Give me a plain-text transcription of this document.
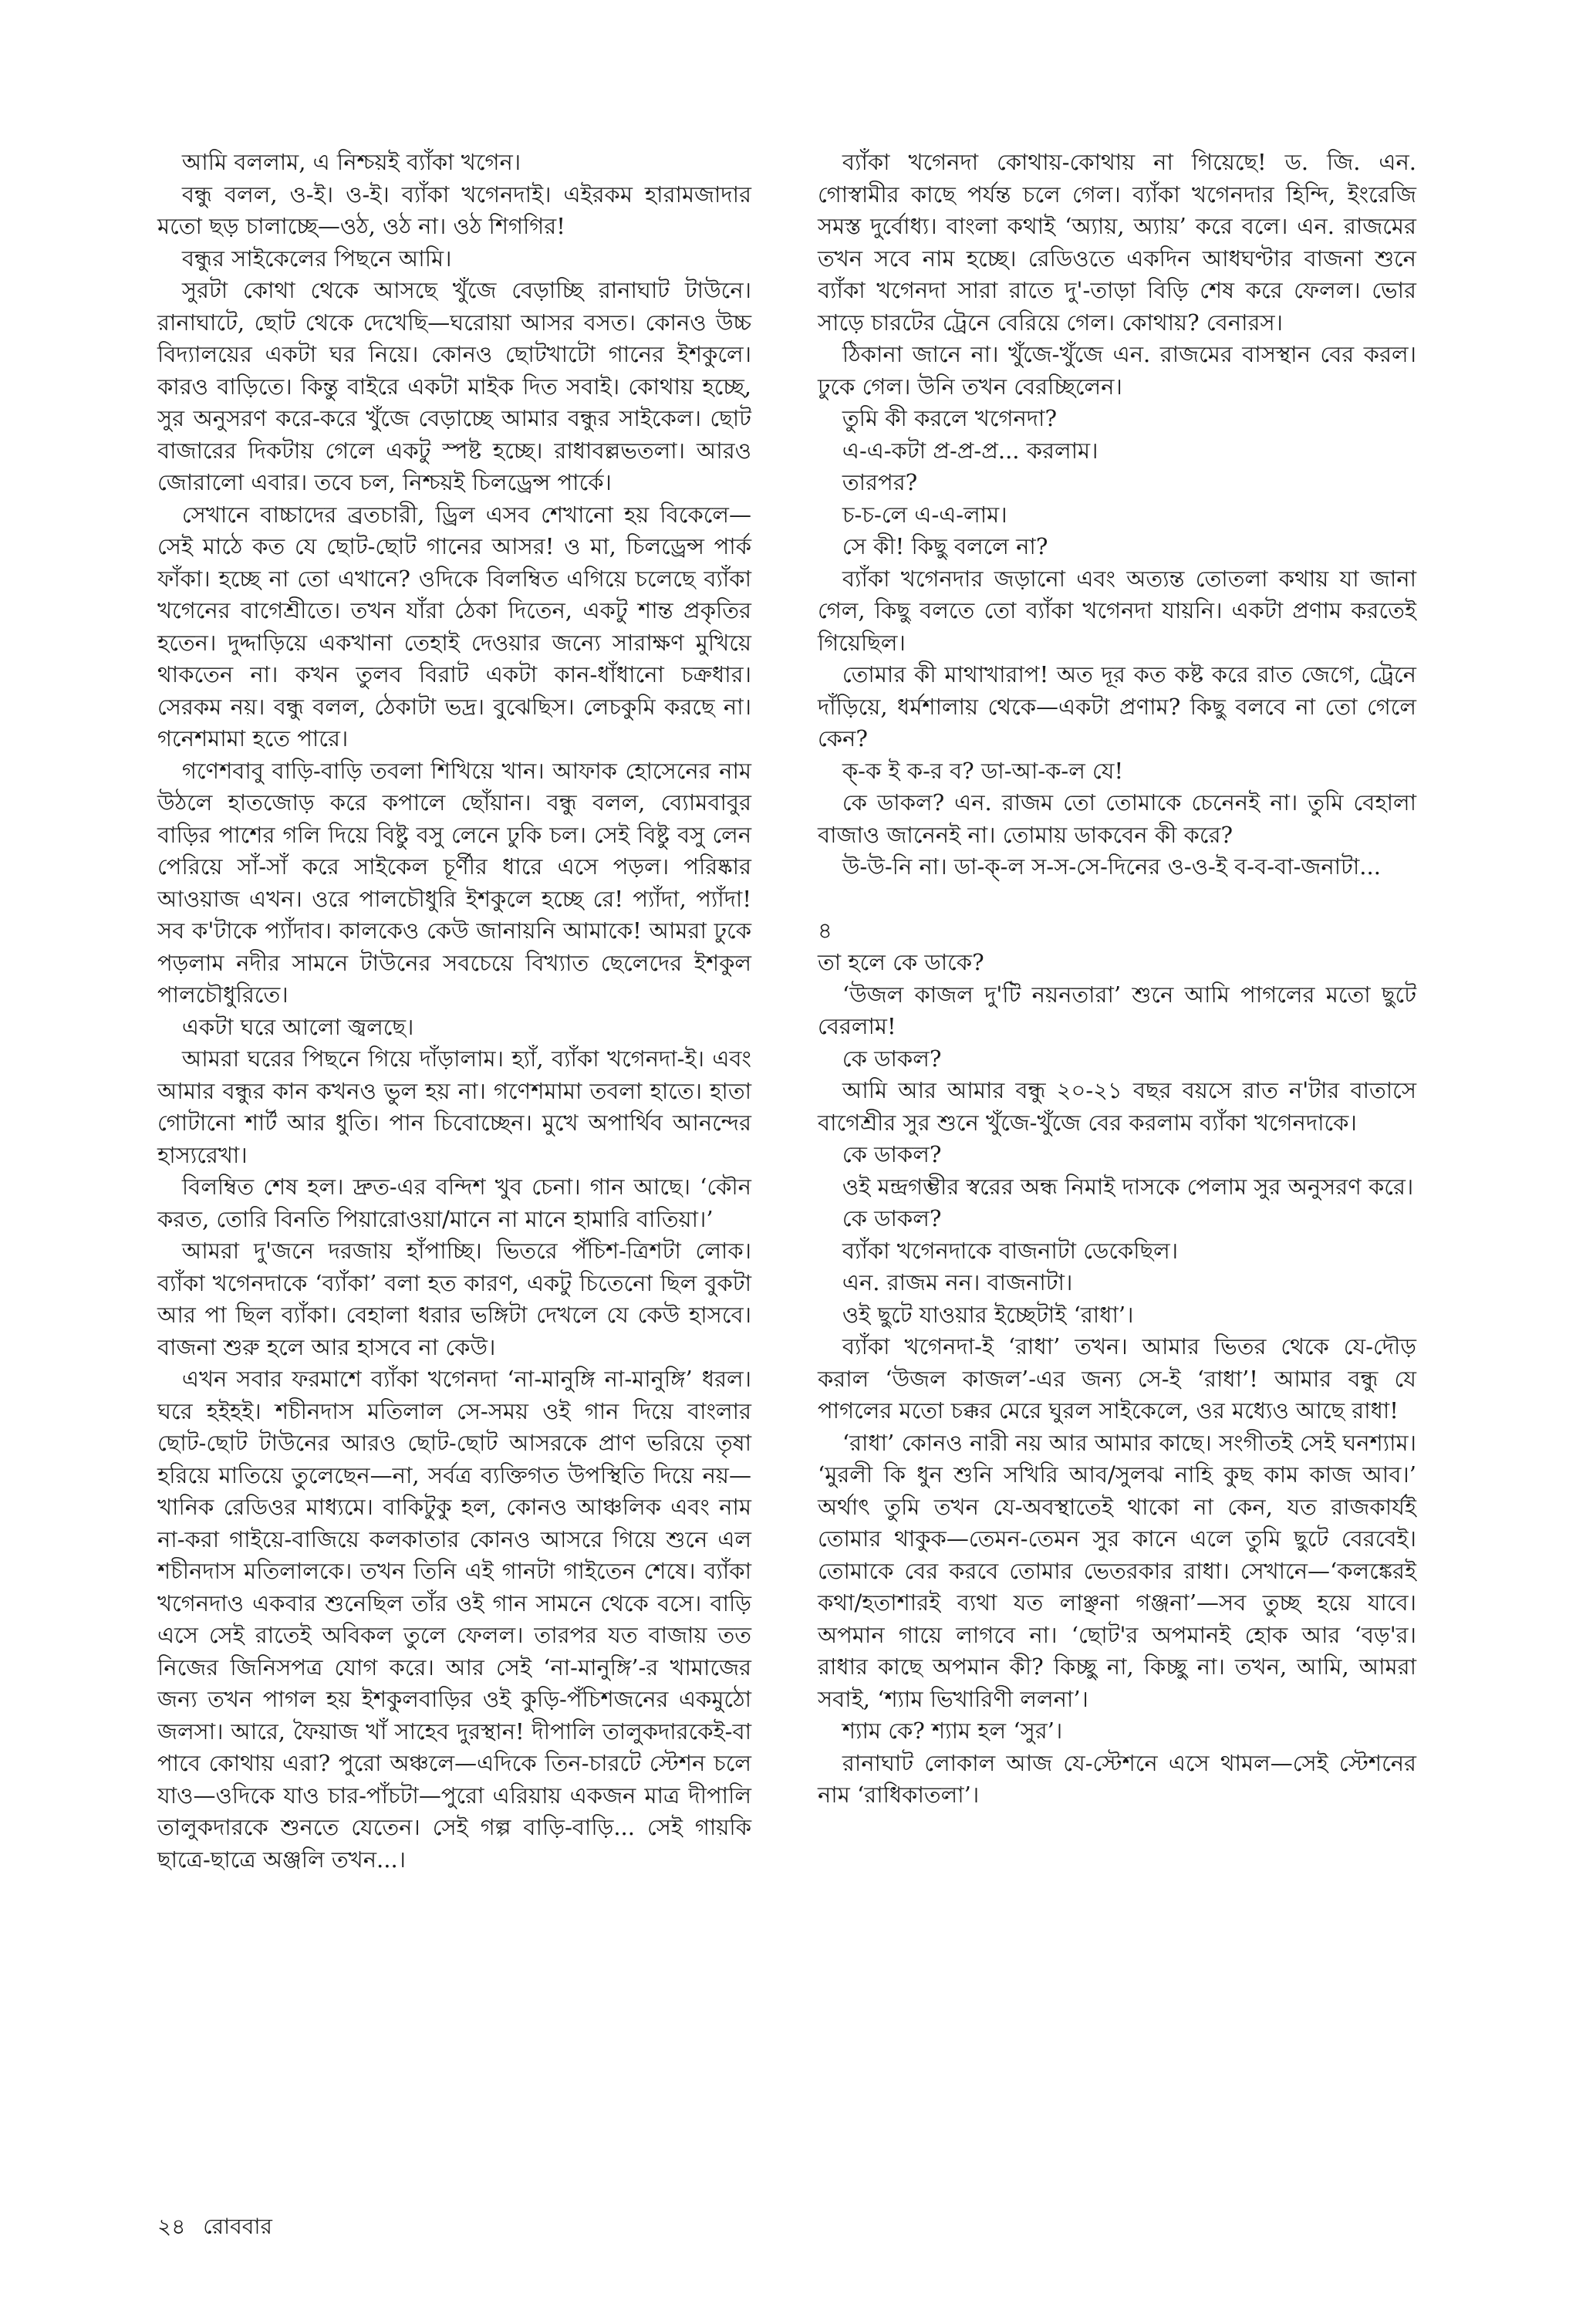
আমি বললাম, এ নিশ্চয়ই ব্যাঁকা খগেন।

বন্ধু বলল, ও-ই। ও-ই। ব্যাঁকা খগেনদাই। এইরকম হারামজাদার মতো ছড় চালাচ্ছে—ওঠ, ওঠ না। ওঠ শিগগির!

বন্ধুর সাইকেলের পিছনে আমি।

সুরটা কোথা থেকে আসছে খুঁজে বেড়াচ্ছি রানাঘাট টাউনে। রানাঘাটে, ছোট থেকে দেখেছি—ঘরোয়া আসর বসত। কোনও উচ্চ বিদ্যালয়ের একটা ঘর নিয়ে। কোনও ছোটখাটো গানের ইশকুলে। কারও বাড়িতে। কিন্তু বাইরে একটা মাইক দিত সবাই। কোথায় হচ্ছে, সুর অনুসরণ করে-করে খুঁজে বেড়াচ্ছে আমার বন্ধুর সাইকেল। ছোট বাজারের দিকটায় গেলে একটু স্পষ্ট হচ্ছে। রাধাবল্লভতলা। আরও জোরালো এবার। তবে চল, নিশ্চয়ই চিলড্রেন্স পার্কে।

সেখানে বাচ্চাদের ব্রতচারী, ড্রিল এসব শেখানো হয় বিকেলে—সেই মাঠে কত যে ছোট-ছোট গানের আসর! ও মা, চিলড্রেন্স পার্ক ফাঁকা। হচ্ছে না তো এখানে? ওদিকে বিলম্বিত এগিয়ে চলেছে ব্যাঁকা খগেনের বাগেশ্রীতে। তখন যাঁরা ঠেকা দিতেন, একটু শান্ত প্রকৃতির হতেন। দুদ্দাড়িয়ে একখানা তেহাই দেওয়ার জন্যে সারাক্ষণ মুখিয়ে থাকতেন না। কখন তুলব বিরাট একটা কান-ধাঁধানো চক্রধার। সেরকম নয়। বন্ধু বলল, ঠেকাটা ভদ্র। বুঝেছিস। লেচকুমি করছে না। গনেশমামা হতে পারে।

গণেশবাবু বাড়ি-বাড়ি তবলা শিখিয়ে খান। আফাক হোসেনের নাম উঠলে হাতজোড় করে কপালে ছোঁয়ান। বন্ধু বলল, ব্যোমবাবুর বাড়ির পাশের গলি দিয়ে বিষ্টু বসু লেনে ঢুকি চল। সেই বিষ্টু বসু লেন পেরিয়ে সাঁ-সাঁ করে সাইকেল চূর্ণীর ধারে এসে পড়ল। পরিষ্কার আওয়াজ এখন। ওরে পালচৌধুরি ইশকুলে হচ্ছে রে! প্যাঁদা, প্যাঁদা! সব ক'টাকে প্যাঁদাব। কালকেও কেউ জানায়নি আমাকে! আমরা ঢুকে পড়লাম নদীর সামনে টাউনের সবচেয়ে বিখ্যাত ছেলেদের ইশকুল পালচৌধুরিতে।

একটা ঘরে আলো জ্বলছে।

আমরা ঘরের পিছনে গিয়ে দাঁড়ালাম। হ্যাঁ, ব্যাঁকা খগেনদা-ই। এবং আমার বন্ধুর কান কখনও ভুল হয় না। গণেশমামা তবলা হাতে। হাতা গোটানো শার্ট আর ধুতি। পান চিবোচ্ছেন। মুখে অপার্থিব আনন্দের হাস্যরেখা।

বিলম্বিত শেষ হল। দ্রুত-এর বন্দিশ খুব চেনা। গান আছে। ‘কৌন করত, তোরি বিনতি পিয়ারোওয়া/মানে না মানে হামারি বাতিয়া।’

আমরা দু'জনে দরজায় হাঁপাচ্ছি। ভিতরে পঁচিশ-ত্রিশটা লোক। ব্যাঁকা খগেনদাকে ‘ব্যাঁকা’ বলা হত কারণ, একটু চিতেনো ছিল বুকটা আর পা ছিল ব্যাঁকা। বেহালা ধরার ভঙ্গিটা দেখলে যে কেউ হাসবে। বাজনা শুরু হলে আর হাসবে না কেউ।

এখন সবার ফরমাশে ব্যাঁকা খগেনদা ‘না-মানুঙ্গি না-মানুঙ্গি’ ধরল। ঘরে হইহই। শচীনদাস মতিলাল সে-সময় ওই গান দিয়ে বাংলার ছোট-ছোট টাউনের আরও ছোট-ছোট আসরকে প্রাণ ভরিয়ে তৃষা হরিয়ে মাতিয়ে তুলেছেন—না, সর্বত্র ব্যক্তিগত উপস্থিতি দিয়ে নয়—খানিক রেডিওর মাধ্যমে। বাকিটুকু হল, কোনও আঞ্চলিক এবং নাম না-করা গাইয়ে-বাজিয়ে কলকাতার কোনও আসরে গিয়ে শুনে এল শচীনদাস মতিলালকে। তখন তিনি এই গানটা গাইতেন শেষে। ব্যাঁকা খগেনদাও একবার শুনেছিল তাঁর ওই গান সামনে থেকে বসে। বাড়ি এসে সেই রাতেই অবিকল তুলে ফেলল। তারপর যত বাজায় তত নিজের জিনিসপত্র যোগ করে। আর সেই ‘না-মানুঙ্গি’-র খামাজের জন্য তখন পাগল হয় ইশকুলবাড়ির ওই কুড়ি-পঁচিশজনের একমুঠো জলসা। আরে, ফৈয়াজ খাঁ সাহেব দুরস্থান! দীপালি তালুকদারকেই-বা পাবে কোথায় এরা? পুরো অঞ্চলে—এদিকে তিন-চারটে স্টেশন চলে যাও—ওদিকে যাও চার-পাঁচটা—পুরো এরিয়ায় একজন মাত্র দীপালি তালুকদারকে শুনতে যেতেন। সেই গল্প বাড়ি-বাড়ি... সেই গায়কি ছাত্রে-ছাত্রে অঞ্জলি তখন...।

ব্যাঁকা খগেনদা কোথায়-কোথায় না গিয়েছে! ড. জি. এন. গোস্বামীর কাছে পর্যন্ত চলে গেল। ব্যাঁকা খগেনদার হিন্দি, ইংরেজি সমস্ত দুর্বোধ্য। বাংলা কথাই ‘অ্যায়, অ্যায়’ করে বলে। এন. রাজমের তখন সবে নাম হচ্ছে। রেডিওতে একদিন আধঘণ্টার বাজনা শুনে ব্যাঁকা খগেনদা সারা রাতে দু'-তাড়া বিড়ি শেষ করে ফেলল। ভোর সাড়ে চারটের ট্রেনে বেরিয়ে গেল। কোথায়? বেনারস।

ঠিকানা জানে না। খুঁজে-খুঁজে এন. রাজমের বাসস্থান বের করল। ঢুকে গেল। উনি তখন বেরচ্ছিলেন।

তুমি কী করলে খগেনদা?

এ-এ-কটা প্র-প্র-প্র... করলাম।

তারপর?

চ-চ-লে এ-এ-লাম।

সে কী! কিছু বললে না?

ব্যাঁকা খগেনদার জড়ানো এবং অত্যন্ত তোতলা কথায় যা জানা গেল, কিছু বলতে তো ব্যাঁকা খগেনদা যায়নি। একটা প্রণাম করতেই গিয়েছিল।

তোমার কী মাথাখারাপ! অত দূর কত কষ্ট করে রাত জেগে, ট্রেনে দাঁড়িয়ে, ধর্মশালায় থেকে—একটা প্রণাম? কিছু বলবে না তো গেলে কেন?

ক্‌-ক ই ক-র ব? ডা-আ-ক-ল যে!

কে ডাকল? এন. রাজম তো তোমাকে চেনেনই না। তুমি বেহালা বাজাও জানেনই না। তোমায় ডাকবেন কী করে?

উ-উ-নি না। ডা-ক্‌-ল স-স-সে-দিনের ও-ও-ই ব-ব-বা-জনাটা...

৪

তা হলে কে ডাকে?

‘উজল কাজল দু'টি নয়নতারা’ শুনে আমি পাগলের মতো ছুটে বেরলাম!

কে ডাকল?

আমি আর আমার বন্ধু ২০-২১ বছর বয়সে রাত ন'টার বাতাসে বাগেশ্রীর সুর শুনে খুঁজে-খুঁজে বের করলাম ব্যাঁকা খগেনদাকে।

কে ডাকল?

ওই মন্দ্রগম্ভীর স্বরের অন্ধ নিমাই দাসকে পেলাম সুর অনুসরণ করে।

কে ডাকল?

ব্যাঁকা খগেনদাকে বাজনাটা ডেকেছিল।

এন. রাজম নন। বাজনাটা।

ওই ছুটে যাওয়ার ইচ্ছেটাই ‘রাধা’।

ব্যাঁকা খগেনদা-ই ‘রাধা’ তখন। আমার ভিতর থেকে যে-দৌড় করাল ‘উজল কাজল’-এর জন্য সে-ই ‘রাধা’! আমার বন্ধু যে পাগলের মতো চক্কর মেরে ঘুরল সাইকেলে, ওর মধ্যেও আছে রাধা!

‘রাধা’ কোনও নারী নয় আর আমার কাছে। সংগীতই সেই ঘনশ্যাম। ‘মুরলী কি ধুন শুনি সখিরি আব/সুলঝ নাহি কুছ কাম কাজ আব।’ অর্থাৎ তুমি তখন যে-অবস্থাতেই থাকো না কেন, যত রাজকার্যই তোমার থাকুক—তেমন-তেমন সুর কানে এলে তুমি ছুটে বেরবেই। তোমাকে বের করবে তোমার ভেতরকার রাধা। সেখানে—‘কলঙ্কেরই কথা/হতাশারই ব্যথা যত লাঞ্ছনা গঞ্জনা’—সব তুচ্ছ হয়ে যাবে। অপমান গায়ে লাগবে না। ‘ছোট'র অপমানই হোক আর ‘বড়'র। রাধার কাছে অপমান কী? কিচ্ছু না, কিচ্ছু না। তখন, আমি, আমরা সবাই, ‘শ্যাম ভিখারিণী ললনা’।

শ্যাম কে? শ্যাম হল ‘সুর’।

রানাঘাট লোকাল আজ যে-স্টেশনে এসে থামল—সেই স্টেশনের নাম ‘রাধিকাতলা’।

২৪ রোববার
